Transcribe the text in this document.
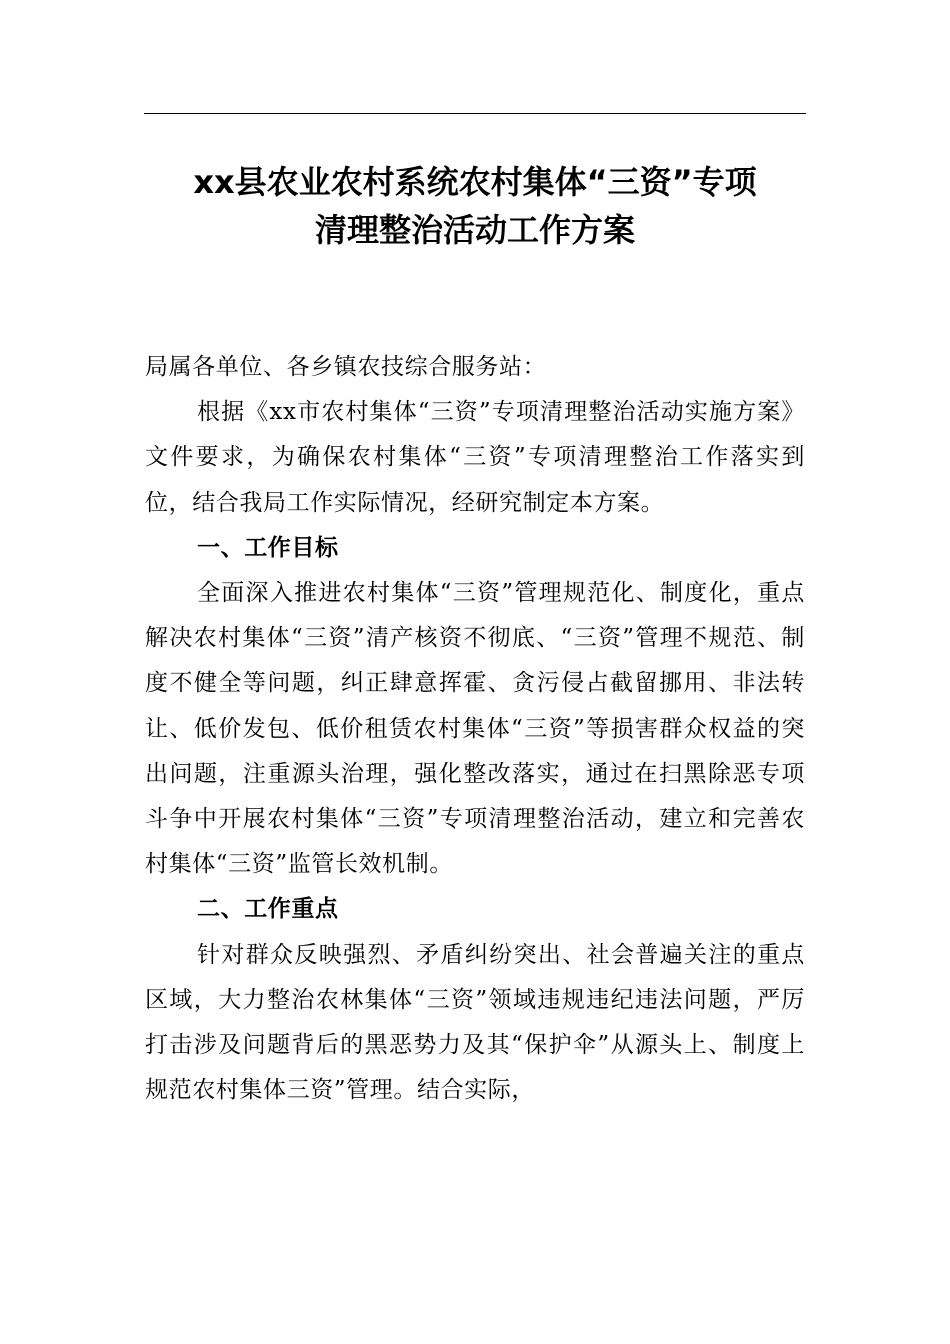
xx县农业农村系统农村集体“三资”专项
清理整治活动工作方案

局属各单位、各乡镇农技综合服务站：

根据《xx市农村集体“三资”专项清理整治活动实施方案》文件要求，为确保农村集体“三资”专项清理整治工作落实到位，结合我局工作实际情况，经研究制定本方案。

一、工作目标

全面深入推进农村集体“三资”管理规范化、制度化，重点解决农村集体“三资”清产核资不彻底、“三资”管理不规范、制度不健全等问题，纠正肆意挥霍、贪污侵占截留挪用、非法转让、低价发包、低价租赁农村集体“三资”等损害群众权益的突出问题，注重源头治理，强化整改落实，通过在扫黑除恶专项斗争中开展农村集体“三资”专项清理整治活动，建立和完善农村集体“三资”监管长效机制。

二、工作重点

针对群众反映强烈、矛盾纠纷突出、社会普遍关注的重点区域，大力整治农林集体“三资”领域违规违纪违法问题，严厉打击涉及问题背后的黑恶势力及其“保护伞”从源头上、制度上规范农村集体三资”管理。结合实际，
